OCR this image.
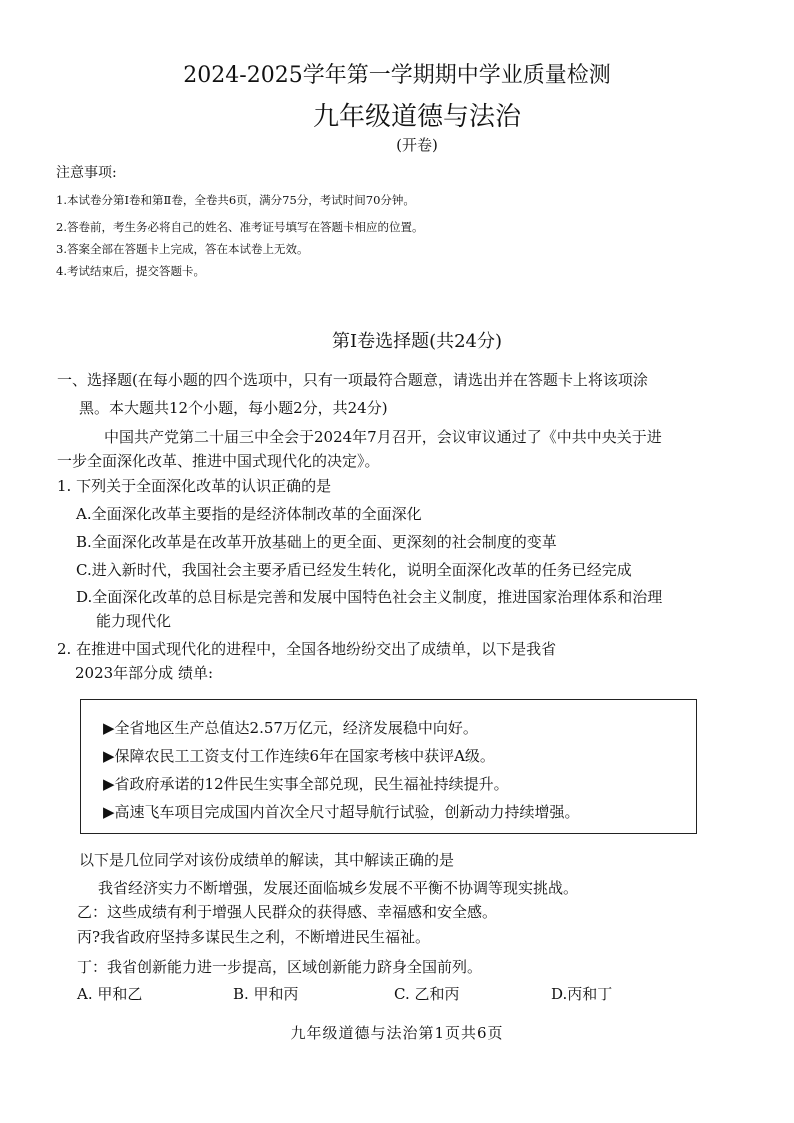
2024-2025学年第一学期期中学业质量检测
九年级道德与法治
(开卷)
注意事项:
1.本试卷分第Ⅰ卷和第Ⅱ卷，全卷共6页，满分75分，考试时间70分钟。
2.答卷前，考生务必将自己的姓名、准考证号填写在答题卡相应的位置。
3.答案全部在答题卡上完成，答在本试卷上无效。
4.考试结束后，提交答题卡。
第Ⅰ卷选择题(共24分)
一、选择题(在每小题的四个选项中，只有一项最符合题意，请选出并在答题卡上将该项涂
黑。本大题共12个小题，每小题2分，共24分)
中国共产党第二十届三中全会于2024年7月召开，会议审议通过了《中共中央关于进
一步全面深化改革、推进中国式现代化的决定》。
1. 下列关于全面深化改革的认识正确的是
A.全面深化改革主要指的是经济体制改革的全面深化
B.全面深化改革是在改革开放基础上的更全面、更深刻的社会制度的变革
C.进入新时代，我国社会主要矛盾已经发生转化，说明全面深化改革的任务已经完成
D.全面深化改革的总目标是完善和发展中国特色社会主义制度，推进国家治理体系和治理
能力现代化
2. 在推进中国式现代化的进程中，全国各地纷纷交出了成绩单，以下是我省
2023年部分成 绩单:
▶全省地区生产总值达2.57万亿元，经济发展稳中向好。
▶保障农民工工资支付工作连续6年在国家考核中获评A级。
▶省政府承诺的12件民生实事全部兑现，民生福祉持续提升。
▶高速飞车项目完成国内首次全尺寸超导航行试验，创新动力持续增强。
以下是几位同学对该份成绩单的解读，其中解读正确的是
我省经济实力不断增强，发展还面临城乡发展不平衡不协调等现实挑战。
乙：这些成绩有利于增强人民群众的获得感、幸福感和安全感。
丙?我省政府坚持多谋民生之利，不断增进民生福祉。
丁：我省创新能力进一步提高，区域创新能力跻身全国前列。
A. 甲和乙	B. 甲和丙	C. 乙和丙	D.丙和丁
九年级道德与法治第1页共6页
